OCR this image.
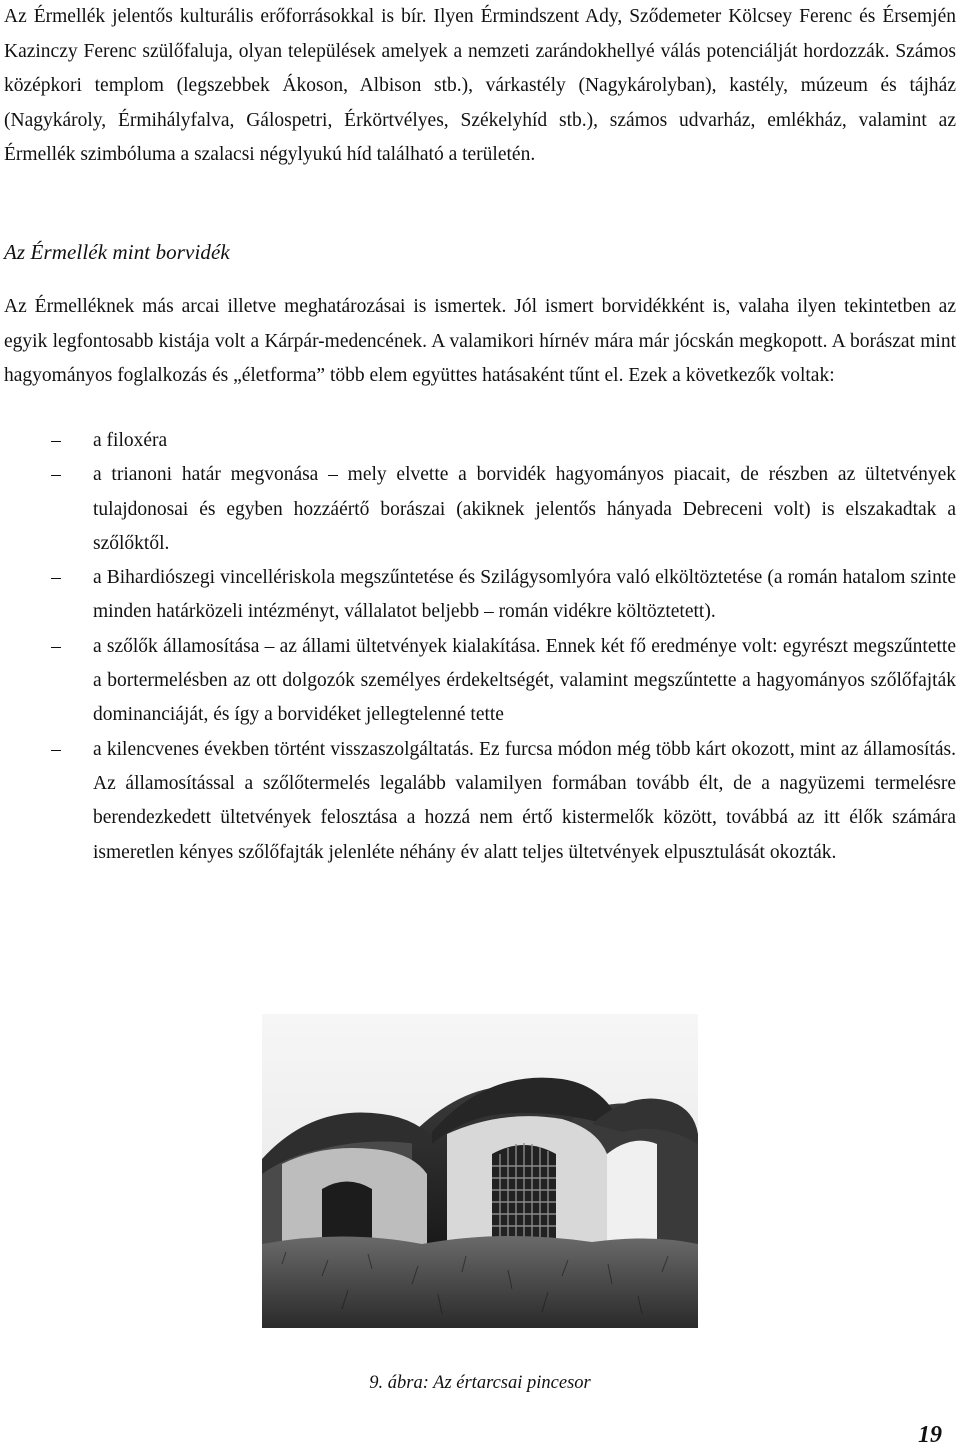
Az Érmellék jelentős kulturális erőforrásokkal is bír. Ilyen Érmindszent Ady, Sződemeter Kölcsey Ferenc és Érsemjén Kazinczy Ferenc szülőfaluja, olyan települések amelyek a nemzeti zarándokhellyé válás potenciálját hordozzák. Számos középkori templom (legszebbek Ákoson, Albison stb.), várkastély (Nagykárolyban), kastély, múzeum és tájház (Nagykároly, Érmihályfalva, Gálospetri, Érkörtvélyes, Székelyhíd stb.), számos udvarház, emlékház, valamint az Érmellék szimbóluma a szalacsi négylyukú híd található a területén.

Az Érmellék mint borvidék

Az Érmelléknek más arcai illetve meghatározásai is ismertek. Jól ismert borvidékként is, valaha ilyen tekintetben az egyik legfontosabb kistája volt a Kárpár-medencének. A valamikori hírnév mára már jócskán megkopott. A borászat mint hagyományos foglalkozás és „életforma” több elem együttes hatásaként tűnt el. Ezek a következők voltak:

–	a filoxéra
–	a trianoni határ megvonása – mely elvette a borvidék hagyományos piacait, de részben az ültetvények tulajdonosai és egyben hozzáértő borászai (akiknek jelentős hányada Debreceni volt) is elszakadtak a szőlőktől.
–	a Bihardiószegi vincellériskola megszűntetése és Szilágysomlyóra való elköltöztetése (a román hatalom szinte minden határközeli intézményt, vállalatot beljebb – román vidékre költöztetett).
–	a szőlők államosítása – az állami ültetvények kialakítása. Ennek két fő eredménye volt: egyrészt megszűntette a bortermelésben az ott dolgozók személyes érdekeltségét, valamint megszűntette a hagyományos szőlőfajták dominanciáját, és így a borvidéket jellegtelenné tette
–	a kilencvenes években történt visszaszolgáltatás. Ez furcsa módon még több kárt okozott, mint az államosítás. Az államosítással a szőlőtermelés legalább valamilyen formában tovább élt, de a nagyüzemi termelésre berendezkedett ültetvények felosztása a hozzá nem értő kistermelők között, továbbá az itt élők számára ismeretlen kényes szőlőfajták jelenléte néhány év alatt teljes ültetvények elpusztulását okozták.

9. ábra: Az értarcsai pincesor

19
